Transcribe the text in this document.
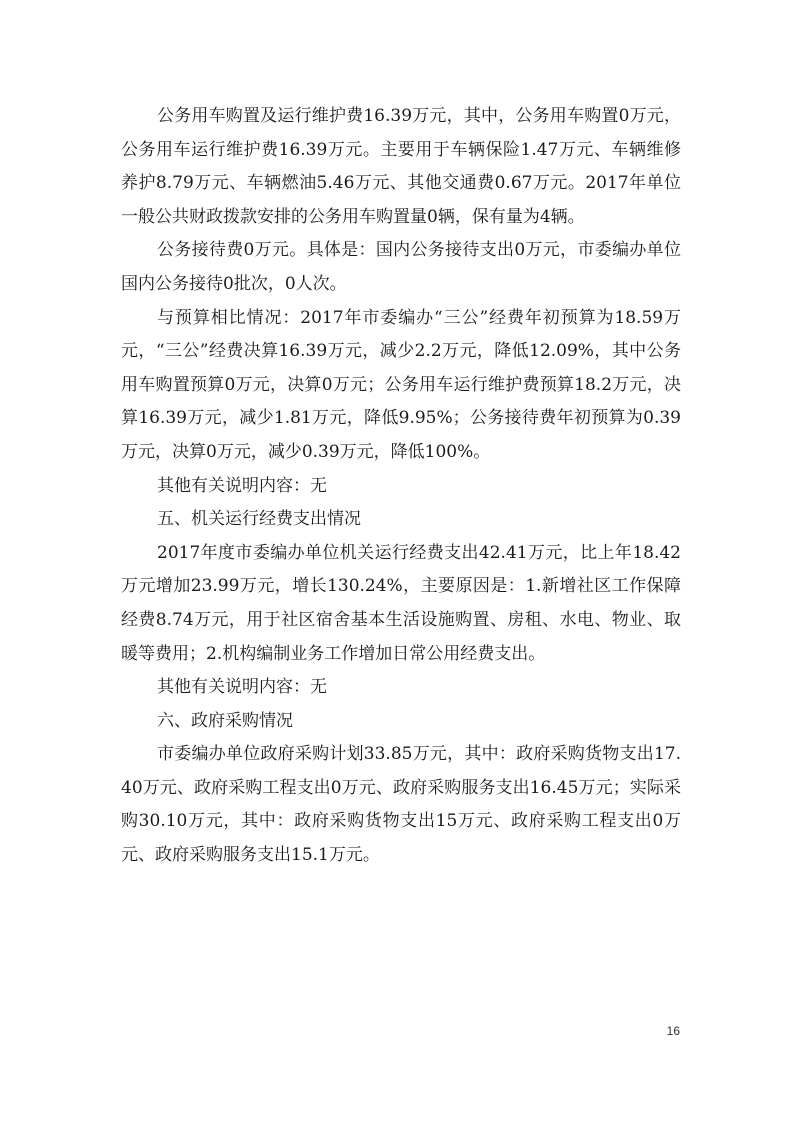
公务用车购置及运行维护费16.39万元，其中，公务用车购置0万元，公务用车运行维护费16.39万元。主要用于车辆保险1.47万元、车辆维修养护8.79万元、车辆燃油5.46万元、其他交通费0.67万元。2017年单位一般公共财政拨款安排的公务用车购置量0辆，保有量为4辆。

公务接待费0万元。具体是：国内公务接待支出0万元，市委编办单位国内公务接待0批次，0人次。

与预算相比情况：2017年市委编办“三公”经费年初预算为18.59万元，“三公”经费决算16.39万元，减少2.2万元，降低12.09%，其中公务用车购置预算0万元，决算0万元；公务用车运行维护费预算18.2万元，决算16.39万元，减少1.81万元，降低9.95%；公务接待费年初预算为0.39万元，决算0万元，减少0.39万元，降低100%。

其他有关说明内容：无

五、机关运行经费支出情况

2017年度市委编办单位机关运行经费支出42.41万元，比上年18.42万元增加23.99万元，增长130.24%，主要原因是：1.新增社区工作保障经费8.74万元，用于社区宿舍基本生活设施购置、房租、水电、物业、取暖等费用；2.机构编制业务工作增加日常公用经费支出。

其他有关说明内容：无

六、政府采购情况

市委编办单位政府采购计划33.85万元，其中：政府采购货物支出17.40万元、政府采购工程支出0万元、政府采购服务支出16.45万元；实际采购30.10万元，其中：政府采购货物支出15万元、政府采购工程支出0万元、政府采购服务支出15.1万元。

16
